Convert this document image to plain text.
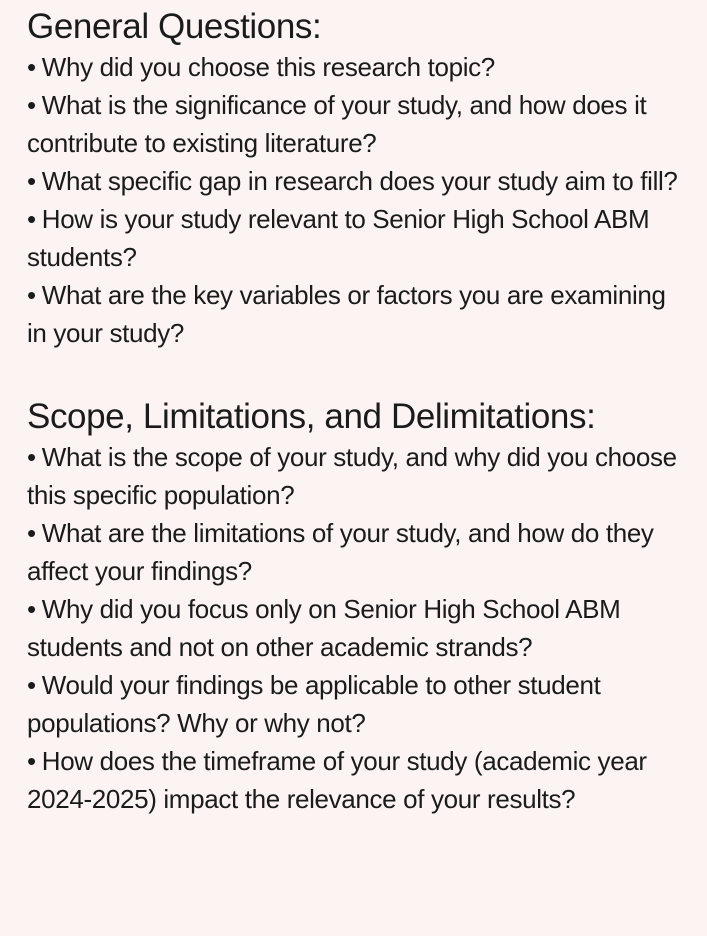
General Questions:
• Why did you choose this research topic?
• What is the significance of your study, and how does it contribute to existing literature?
• What specific gap in research does your study aim to fill?
• How is your study relevant to Senior High School ABM students?
• What are the key variables or factors you are examining in your study?
Scope, Limitations, and Delimitations:
• What is the scope of your study, and why did you choose this specific population?
• What are the limitations of your study, and how do they affect your findings?
• Why did you focus only on Senior High School ABM students and not on other academic strands?
• Would your findings be applicable to other student populations? Why or why not?
• How does the timeframe of your study (academic year 2024-2025) impact the relevance of your results?
